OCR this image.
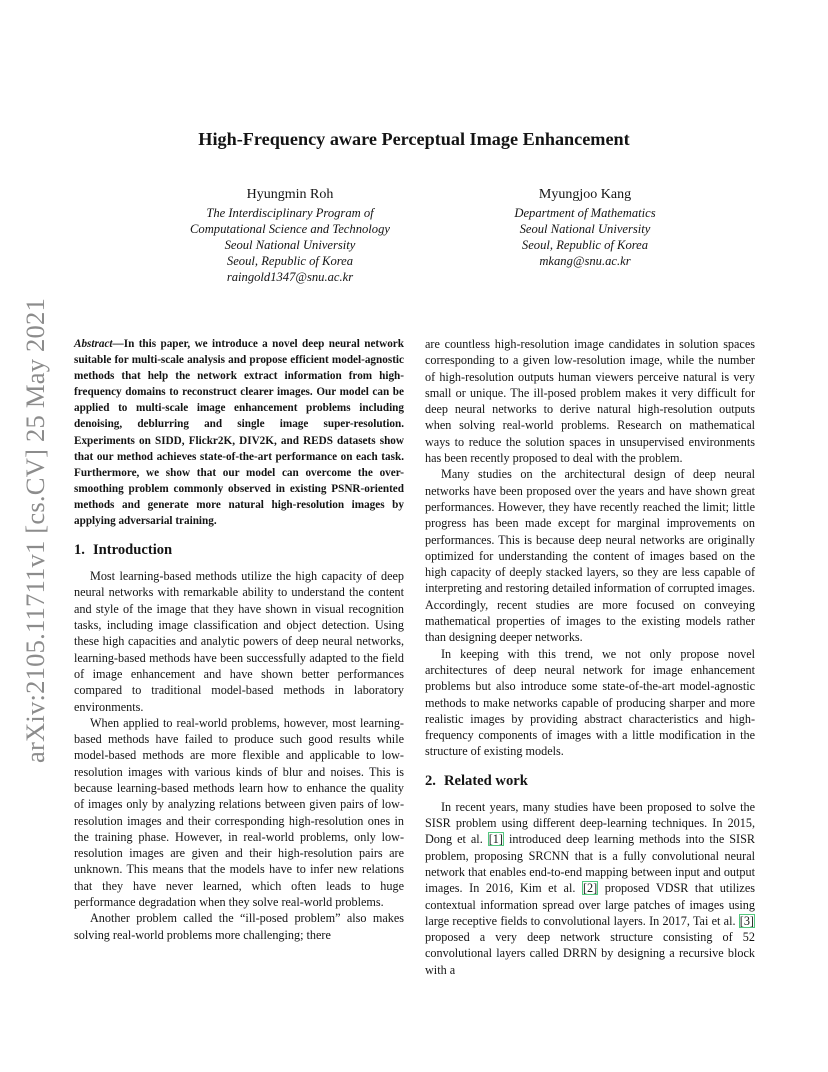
arXiv:2105.11711v1 [cs.CV] 25 May 2021
High-Frequency aware Perceptual Image Enhancement
Hyungmin Roh
The Interdisciplinary Program of
Computational Science and Technology
Seoul National University
Seoul, Republic of Korea
raingold1347@snu.ac.kr
Myungjoo Kang
Department of Mathematics
Seoul National University
Seoul, Republic of Korea
mkang@snu.ac.kr

Abstract—In this paper, we introduce a novel deep neural network suitable for multi-scale analysis and propose efficient model-agnostic methods that help the network extract information from high-frequency domains to reconstruct clearer images. Our model can be applied to multi-scale image enhancement problems including denoising, deblurring and single image super-resolution. Experiments on SIDD, Flickr2K, DIV2K, and REDS datasets show that our method achieves state-of-the-art performance on each task. Furthermore, we show that our model can overcome the over-smoothing problem commonly observed in existing PSNR-oriented methods and generate more natural high-resolution images by applying adversarial training.

1. Introduction

Most learning-based methods utilize the high capacity of deep neural networks with remarkable ability to understand the content and style of the image that they have shown in visual recognition tasks, including image classification and object detection. Using these high capacities and analytic powers of deep neural networks, learning-based methods have been successfully adapted to the field of image enhancement and have shown better performances compared to traditional model-based methods in laboratory environments.

When applied to real-world problems, however, most learning-based methods have failed to produce such good results while model-based methods are more flexible and applicable to low-resolution images with various kinds of blur and noises. This is because learning-based methods learn how to enhance the quality of images only by analyzing relations between given pairs of low-resolution images and their corresponding high-resolution ones in the training phase. However, in real-world problems, only low-resolution images are given and their high-resolution pairs are unknown. This means that the models have to infer new relations that they have never learned, which often leads to huge performance degradation when they solve real-world problems.

Another problem called the “ill-posed problem” also makes solving real-world problems more challenging; there

are countless high-resolution image candidates in solution spaces corresponding to a given low-resolution image, while the number of high-resolution outputs human viewers perceive natural is very small or unique. The ill-posed problem makes it very difficult for deep neural networks to derive natural high-resolution outputs when solving real-world problems. Research on mathematical ways to reduce the solution spaces in unsupervised environments has been recently proposed to deal with the problem.

Many studies on the architectural design of deep neural networks have been proposed over the years and have shown great performances. However, they have recently reached the limit; little progress has been made except for marginal improvements on performances. This is because deep neural networks are originally optimized for understanding the content of images based on the high capacity of deeply stacked layers, so they are less capable of interpreting and restoring detailed information of corrupted images. Accordingly, recent studies are more focused on conveying mathematical properties of images to the existing models rather than designing deeper networks.

In keeping with this trend, we not only propose novel architectures of deep neural network for image enhancement problems but also introduce some state-of-the-art model-agnostic methods to make networks capable of producing sharper and more realistic images by providing abstract characteristics and high-frequency components of images with a little modification in the structure of existing models.

2. Related work

In recent years, many studies have been proposed to solve the SISR problem using different deep-learning techniques. In 2015, Dong et al. [1] introduced deep learning methods into the SISR problem, proposing SRCNN that is a fully convolutional neural network that enables end-to-end mapping between input and output images. In 2016, Kim et al. [2] proposed VDSR that utilizes contextual information spread over large patches of images using large receptive fields to convolutional layers. In 2017, Tai et al. [3] proposed a very deep network structure consisting of 52 convolutional layers called DRRN by designing a recursive block with a
